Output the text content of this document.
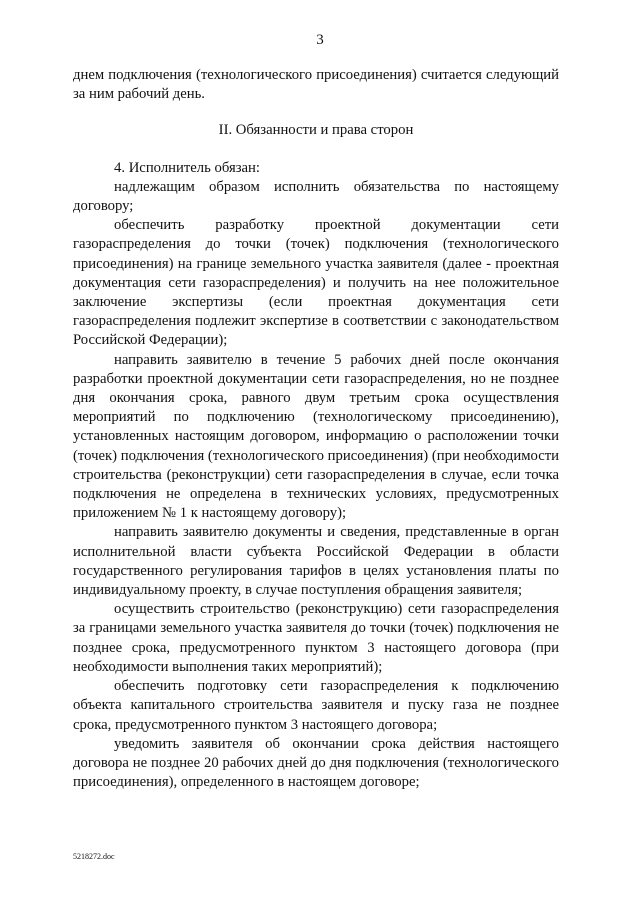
3

днем подключения (технологического присоединения) считается следующий за ним рабочий день.

II. Обязанности и права сторон

4. Исполнитель обязан:

надлежащим образом исполнить обязательства по настоящему договору;

обеспечить разработку проектной документации сети газораспределения до точки (точек) подключения (технологического присоединения) на границе земельного участка заявителя (далее - проектная документация сети газораспределения) и получить на нее положительное заключение экспертизы (если проектная документация сети газораспределения подлежит экспертизе в соответствии с законодательством Российской Федерации);

направить заявителю в течение 5 рабочих дней после окончания разработки проектной документации сети газораспределения, но не позднее дня окончания срока, равного двум третьим срока осуществления мероприятий по подключению (технологическому присоединению), установленных настоящим договором, информацию о расположении точки (точек) подключения (технологического присоединения) (при необходимости строительства (реконструкции) сети газораспределения в случае, если точка подключения не определена в технических условиях, предусмотренных приложением № 1 к настоящему договору);

направить заявителю документы и сведения, представленные в орган исполнительной власти субъекта Российской Федерации в области государственного регулирования тарифов в целях установления платы по индивидуальному проекту, в случае поступления обращения заявителя;

осуществить строительство (реконструкцию) сети газораспределения за границами земельного участка заявителя до точки (точек) подключения не позднее срока, предусмотренного пунктом 3 настоящего договора (при необходимости выполнения таких мероприятий);

обеспечить подготовку сети газораспределения к подключению объекта капитального строительства заявителя и пуску газа не позднее срока, предусмотренного пунктом 3 настоящего договора;

уведомить заявителя об окончании срока действия настоящего договора не позднее 20 рабочих дней до дня подключения (технологического присоединения), определенного в настоящем договоре;

5218272.doc
